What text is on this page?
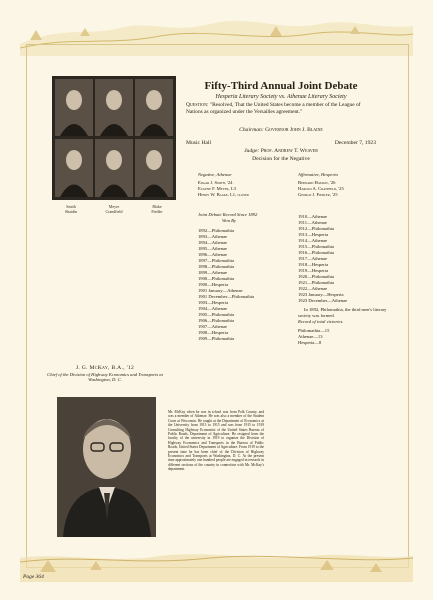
Smith
Shaidin
Meyer
Crandfield
Blake
Fiedler
Fifty-Third Annual Joint Debate
Hesperia Literary Society vs. Athenae Literary Society
Question: "Resolved, That the United States become a member of the League of Nations as organized under the Versailles agreement."
Chairman: Governor John J. Blaine
Music Hall	December 7, 1923
Judge: Prof. Andrew T. Weaver
Decision for the Negative
Negative, Athenae
Edgar J. Smith, '24
Eugene F. Meyer, L3
Henry W. Blake, L1, closer
Affirmative, Hesperia
Bernard Hamlin, '26
Harold A. Cranfield, '25
George J. Fiedler, '25
Joint Debate Record Since 1892
Won By
1892—Philomathia
1893—Athenae
1894—Athenae
1895—Athenae
1896—Athenae
1897—Philomathia
1898—Philomathia
1899—Athenae
1900—Philomathia
1900—Hesperia
1901 January—Athenae
1901 December—Philomathia
1903—Hesperia
1904—Athenae
1905—Philomathia
1906—Philomathia
1907—Athenae
1908—Hesperia
1909—Philomathia
1910—Athenae
1911—Athenae
1912—Philomathia
1913—Hesperia
1914—Athenae
1915—Philomathia
1916—Philomathia
1917—Athenae
1918—Hesperia
1919—Hesperia
1920—Philomathia
1921—Philomathia
1922—Athenae
1923 January—Hesperia
1923 December—Athenae
In 1892, Philomathia, the third men's literary society was formed.
Record of total victories.
Philomathia—15
Athenae—13
Hesperia—8
J. G. McKay, B.A., '12
Chief of the Division of Highway Economics and Transports at Washington, D. C.
Mr. McKay when he was in school was from Polk County, and was a member of Athenae. He was also a member of the Student Court at Wisconsin. He taught at the Department of Economics at the University from 1913 to 1915 and was from 1915 to 1919 Consulting Highway Economist of the United States Bureau of Public Roads, Department of Agriculture. He resigned from the faculty of the university in 1919 to organize the Division of Highway Economics and Transports in the Bureau of Public Roads, United States Department of Agriculture. From 1919 to the present time he has been chief of the Division of Highway Economics and Transports at Washington, D. C. At the present time approximately one hundred people are engaged in research in different sections of the country in connection with Mr. McKay's department.
Page 364
